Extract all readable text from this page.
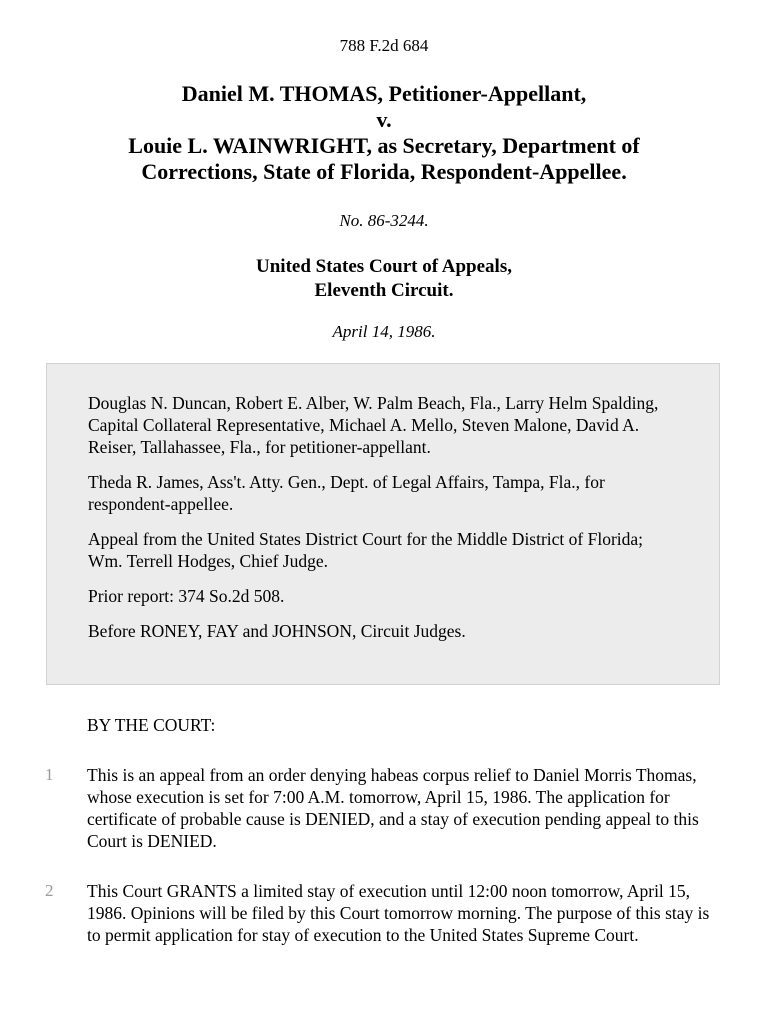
788 F.2d 684
Daniel M. THOMAS, Petitioner-Appellant,
v.
Louie L. WAINWRIGHT, as Secretary, Department of
Corrections, State of Florida, Respondent-Appellee.
No. 86-3244.
United States Court of Appeals,
Eleventh Circuit.
April 14, 1986.

Douglas N. Duncan, Robert E. Alber, W. Palm Beach, Fla., Larry Helm Spalding, Capital Collateral Representative, Michael A. Mello, Steven Malone, David A. Reiser, Tallahassee, Fla., for petitioner-appellant.

Theda R. James, Ass't. Atty. Gen., Dept. of Legal Affairs, Tampa, Fla., for respondent-appellee.

Appeal from the United States District Court for the Middle District of Florida; Wm. Terrell Hodges, Chief Judge.

Prior report: 374 So.2d 508.

Before RONEY, FAY and JOHNSON, Circuit Judges.

BY THE COURT:
1	This is an appeal from an order denying habeas corpus relief to Daniel Morris Thomas, whose execution is set for 7:00 A.M. tomorrow, April 15, 1986. The application for certificate of probable cause is DENIED, and a stay of execution pending appeal to this Court is DENIED.
2	This Court GRANTS a limited stay of execution until 12:00 noon tomorrow, April 15, 1986. Opinions will be filed by this Court tomorrow morning. The purpose of this stay is to permit application for stay of execution to the United States Supreme Court.
